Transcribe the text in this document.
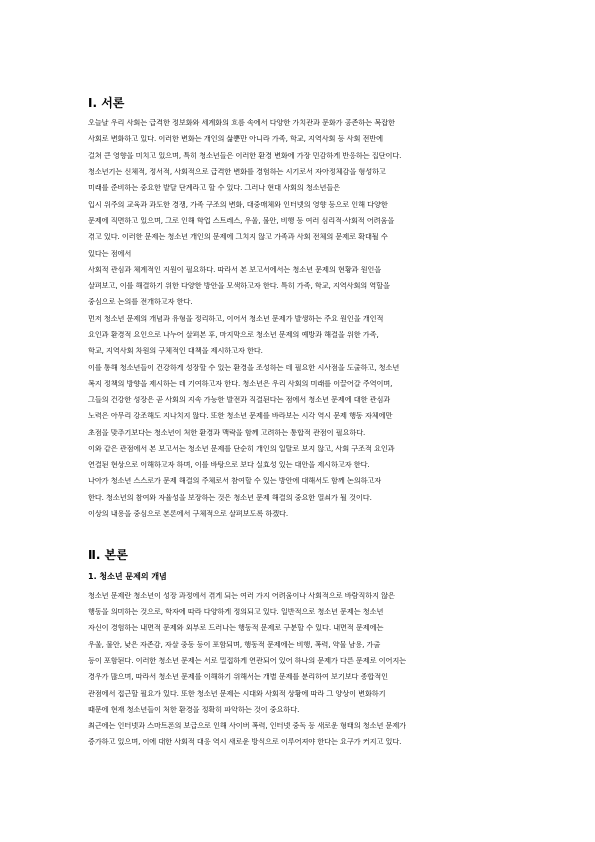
Ⅰ. 서론
오늘날 우리 사회는 급격한 정보화와 세계화의 흐름 속에서 다양한 가치관과 문화가 공존하는 복잡한
사회로 변화하고 있다. 이러한 변화는 개인의 삶뿐만 아니라 가족, 학교, 지역사회 등 사회 전반에
걸쳐 큰 영향을 미치고 있으며, 특히 청소년들은 이러한 환경 변화에 가장 민감하게 반응하는 집단이다.
청소년기는 신체적, 정서적, 사회적으로 급격한 변화를 경험하는 시기로서 자아정체감을 형성하고
미래를 준비하는 중요한 발달 단계라고 할 수 있다. 그러나 현대 사회의 청소년들은
입시 위주의 교육과 과도한 경쟁, 가족 구조의 변화, 대중매체와 인터넷의 영향 등으로 인해 다양한
문제에 직면하고 있으며, 그로 인해 학업 스트레스, 우울, 불안, 비행 등 여러 심리적·사회적 어려움을
겪고 있다. 이러한 문제는 청소년 개인의 문제에 그치지 않고 가족과 사회 전체의 문제로 확대될 수
있다는 점에서
사회적 관심과 체계적인 지원이 필요하다. 따라서 본 보고서에서는 청소년 문제의 현황과 원인을
살펴보고, 이를 해결하기 위한 다양한 방안을 모색하고자 한다. 특히 가족, 학교, 지역사회의 역할을
중심으로 논의를 전개하고자 한다.
먼저 청소년 문제의 개념과 유형을 정리하고, 이어서 청소년 문제가 발생하는 주요 원인을 개인적
요인과 환경적 요인으로 나누어 살펴본 후, 마지막으로 청소년 문제의 예방과 해결을 위한 가족,
학교, 지역사회 차원의 구체적인 대책을 제시하고자 한다.
이를 통해 청소년들이 건강하게 성장할 수 있는 환경을 조성하는 데 필요한 시사점을 도출하고, 청소년
복지 정책의 방향을 제시하는 데 기여하고자 한다. 청소년은 우리 사회의 미래를 이끌어갈 주역이며,
그들의 건강한 성장은 곧 사회의 지속 가능한 발전과 직결된다는 점에서 청소년 문제에 대한 관심과
노력은 아무리 강조해도 지나치지 않다. 또한 청소년 문제를 바라보는 시각 역시 문제 행동 자체에만
초점을 맞추기보다는 청소년이 처한 환경과 맥락을 함께 고려하는 통합적 관점이 필요하다.
이와 같은 관점에서 본 보고서는 청소년 문제를 단순히 개인의 일탈로 보지 않고, 사회 구조적 요인과
연결된 현상으로 이해하고자 하며, 이를 바탕으로 보다 실효성 있는 대안을 제시하고자 한다.
나아가 청소년 스스로가 문제 해결의 주체로서 참여할 수 있는 방안에 대해서도 함께 논의하고자
한다. 청소년의 참여와 자율성을 보장하는 것은 청소년 문제 해결의 중요한 열쇠가 될 것이다.
이상의 내용을 중심으로 본론에서 구체적으로 살펴보도록 하겠다.
Ⅱ. 본론
1. 청소년 문제의 개념
청소년 문제란 청소년이 성장 과정에서 겪게 되는 여러 가지 어려움이나 사회적으로 바람직하지 않은
행동을 의미하는 것으로, 학자에 따라 다양하게 정의되고 있다. 일반적으로 청소년 문제는 청소년
자신이 경험하는 내면적 문제와 외부로 드러나는 행동적 문제로 구분할 수 있다. 내면적 문제에는
우울, 불안, 낮은 자존감, 자살 충동 등이 포함되며, 행동적 문제에는 비행, 폭력, 약물 남용, 가출
등이 포함된다. 이러한 청소년 문제는 서로 밀접하게 연관되어 있어 하나의 문제가 다른 문제로 이어지는
경우가 많으며, 따라서 청소년 문제를 이해하기 위해서는 개별 문제를 분리하여 보기보다 종합적인
관점에서 접근할 필요가 있다. 또한 청소년 문제는 시대와 사회적 상황에 따라 그 양상이 변화하기
때문에 현재 청소년들이 처한 환경을 정확히 파악하는 것이 중요하다.
최근에는 인터넷과 스마트폰의 보급으로 인해 사이버 폭력, 인터넷 중독 등 새로운 형태의 청소년 문제가
증가하고 있으며, 이에 대한 사회적 대응 역시 새로운 방식으로 이루어져야 한다는 요구가 커지고 있다.
